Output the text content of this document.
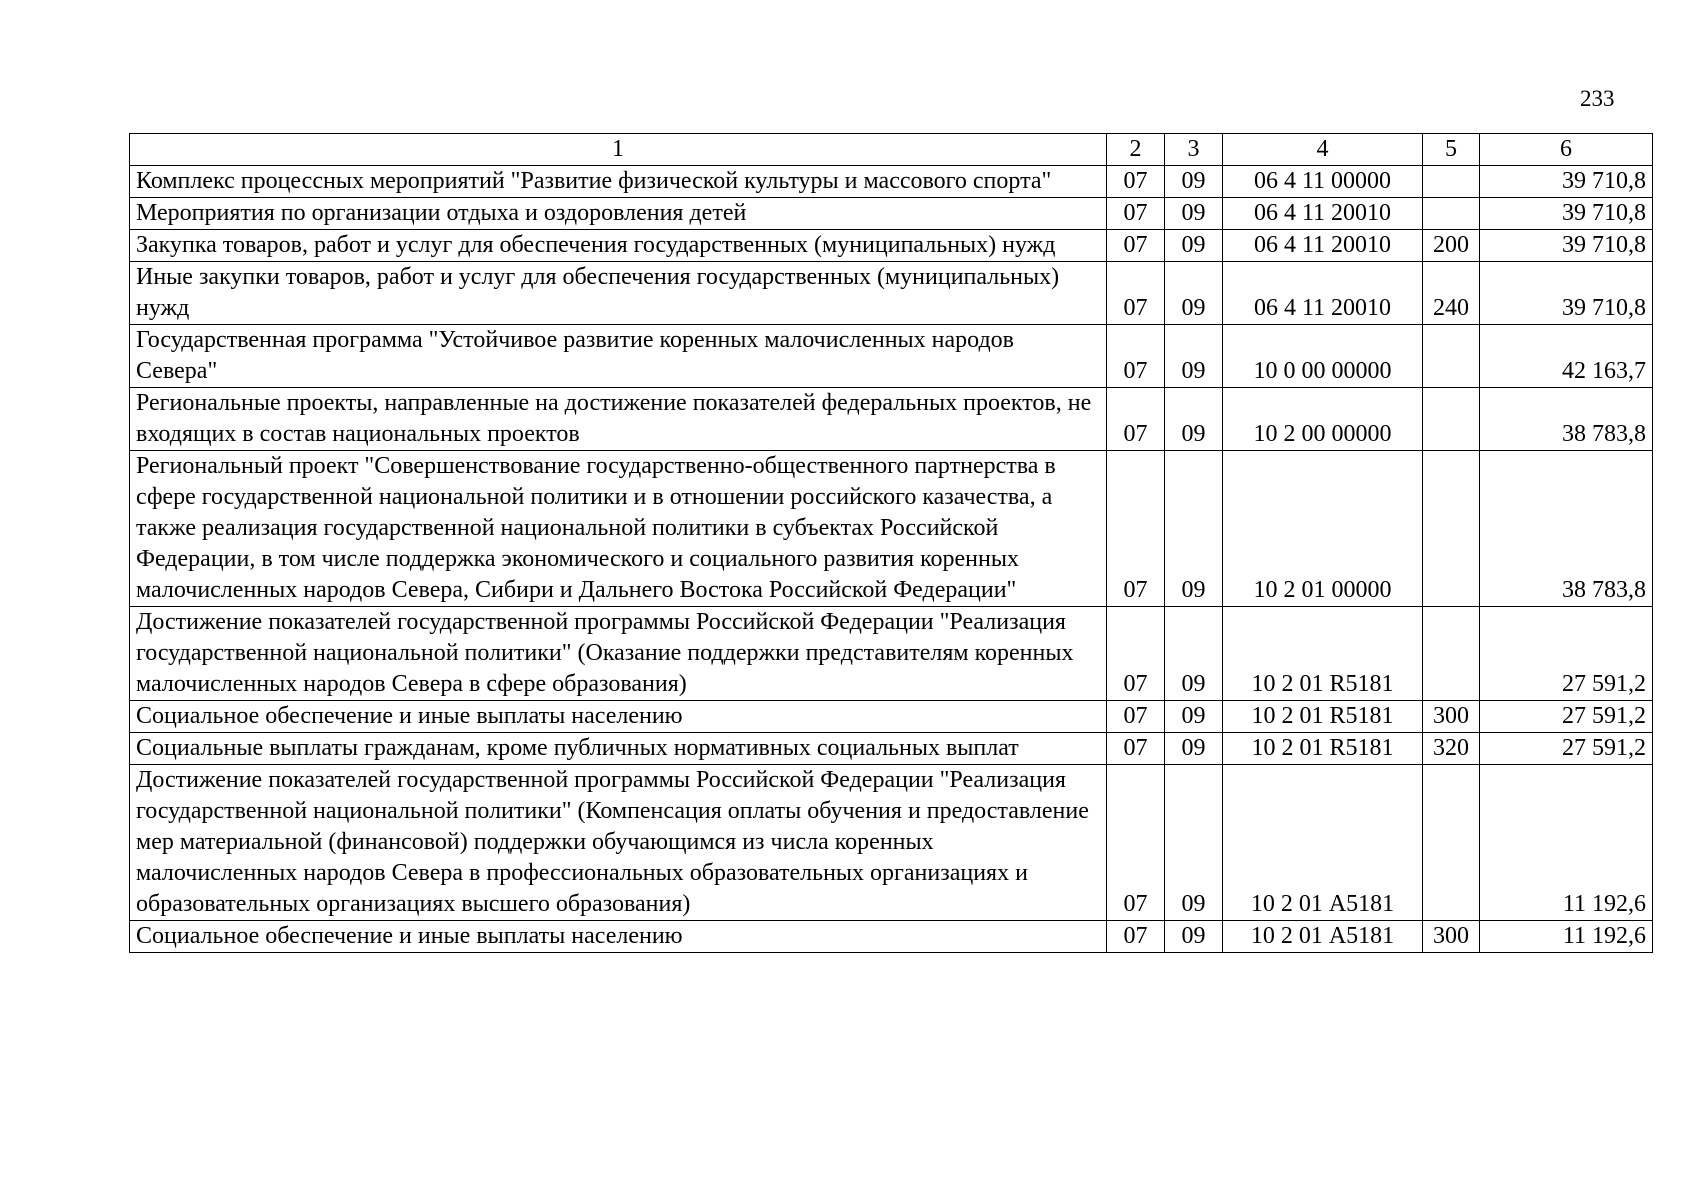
233
1	2	3	4	5	6
Комплекс процессных мероприятий "Развитие физической культуры и массового спорта"	07	09	06 4 11 00000		39 710,8
Мероприятия по организации отдыха и оздоровления детей	07	09	06 4 11 20010		39 710,8
Закупка товаров, работ и услуг для обеспечения государственных (муниципальных) нужд	07	09	06 4 11 20010	200	39 710,8
Иные закупки товаров, работ и услуг для обеспечения государственных (муниципальных) нужд	07	09	06 4 11 20010	240	39 710,8
Государственная программа "Устойчивое развитие коренных малочисленных народов Севера"	07	09	10 0 00 00000		42 163,7
Региональные проекты, направленные на достижение показателей федеральных проектов, не входящих в состав национальных проектов	07	09	10 2 00 00000		38 783,8
Региональный проект "Совершенствование государственно-общественного партнерства в сфере государственной национальной политики и в отношении российского казачества, а также реализация государственной национальной политики в субъектах Российской Федерации, в том числе поддержка экономического и социального развития коренных малочисленных народов Севера, Сибири и Дальнего Востока Российской Федерации"	07	09	10 2 01 00000		38 783,8
Достижение показателей государственной программы Российской Федерации "Реализация государственной национальной политики" (Оказание поддержки представителям коренных малочисленных народов Севера в сфере образования)	07	09	10 2 01 R5181		27 591,2
Социальное обеспечение и иные выплаты населению	07	09	10 2 01 R5181	300	27 591,2
Социальные выплаты гражданам, кроме публичных нормативных социальных выплат	07	09	10 2 01 R5181	320	27 591,2
Достижение показателей государственной программы Российской Федерации "Реализация государственной национальной политики" (Компенсация оплаты обучения и предоставление мер материальной (финансовой) поддержки обучающимся из числа коренных малочисленных народов Севера в профессиональных образовательных организациях и образовательных организациях высшего образования)	07	09	10 2 01 А5181		11 192,6
Социальное обеспечение и иные выплаты населению	07	09	10 2 01 А5181	300	11 192,6
